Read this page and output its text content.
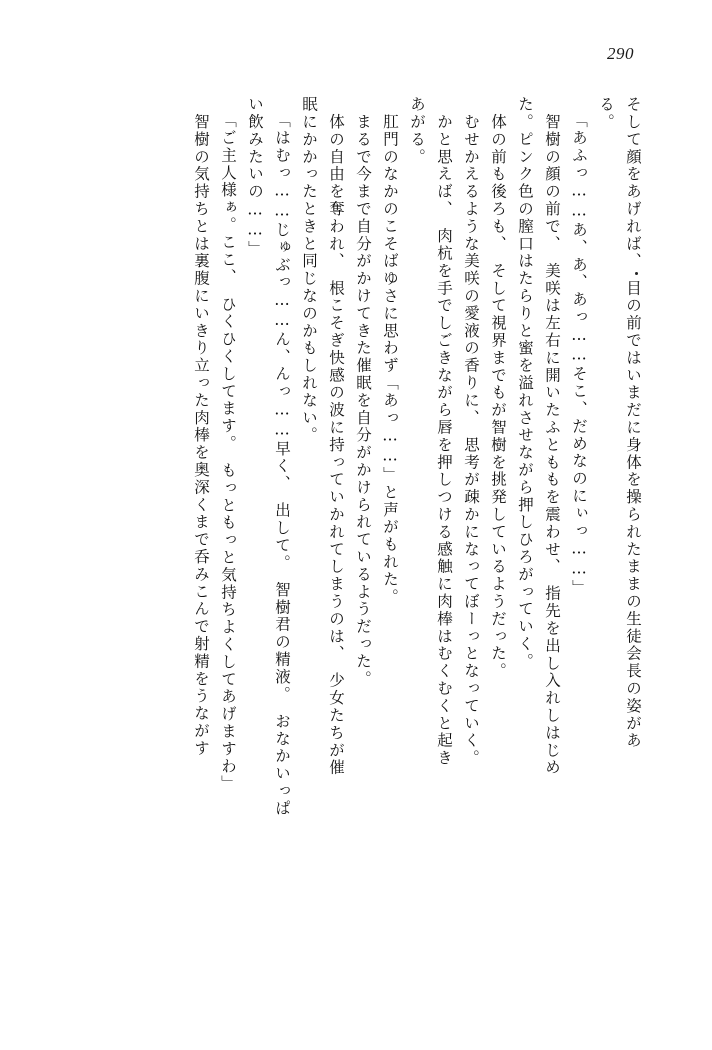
290
そして顔をあげれば、　目の前ではいまだに身体を操られたままの生徒会長の姿があ
る。
「あふっ……あ、あ、あっ……そこ、だめなのにぃっ……」
　智樹の顔の前で、　美咲は左右に開いたふとももを震わせ、　指先を出し入れしはじめ
た。ピンク色の膣口はたらりと蜜を溢れさせながら押しひろがっていく。
　体の前も後ろも、　そして視界までもが智樹を挑発しているようだった。
　むせかえるような美咲の愛液の香りに、　思考が疎かになってぼーっとなっていく。
　かと思えば、　肉杭を手でしごきながら唇を押しつける感触に肉棒はむくむくと起き
あがる。
　肛門のなかのこそばゆさに思わず「あっ……」と声がもれた。
　まるで今まで自分がかけてきた催眠を自分がかけられているようだった。
　体の自由を奪われ、　根こそぎ快感の波に持っていかれてしまうのは、　少女たちが催
眠にかかったときと同じなのかもしれない。
「はむっ……じゅぶっ……ん、んっ……早く、　出して。　智樹君の精液。　おなかいっぱ
い飲みたいの……」
「ご主人様ぁ。ここ、　ひくひくしてます。　もっともっと気持ちよくしてあげますわ」
　智樹の気持ちとは裏腹にいきり立った肉棒を奥深くまで呑みこんで射精をうながす
